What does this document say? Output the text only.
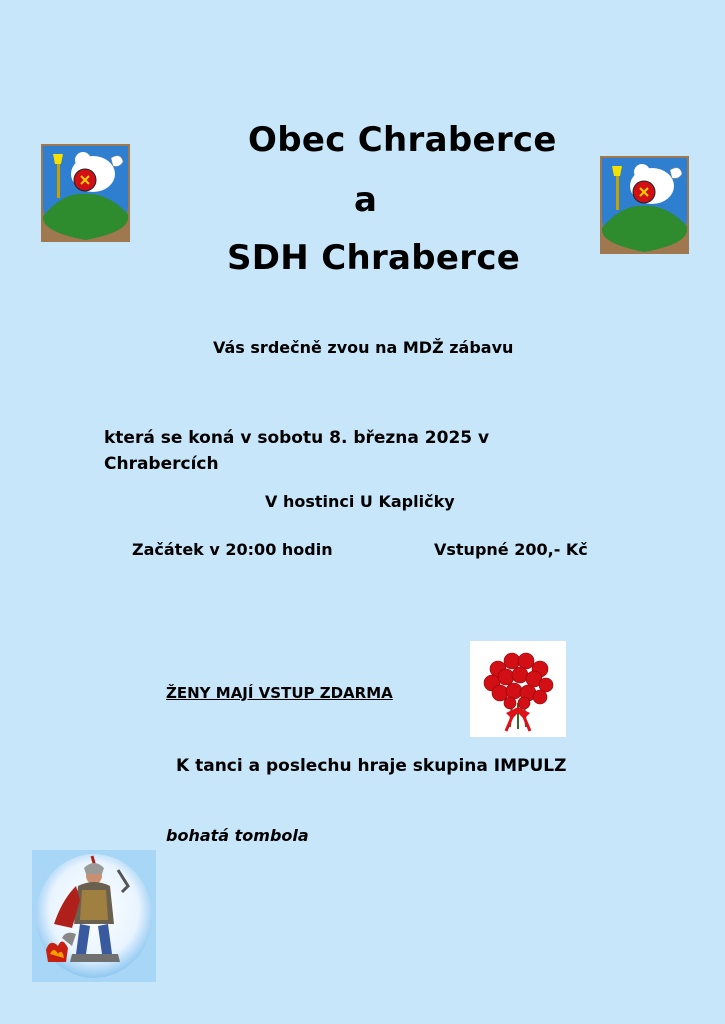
Obec Chraberce
a
SDH Chraberce
Vás srdečně zvou na MDŽ zábavu
která se koná v sobotu 8. března 2025 v
Chrabercích
V hostinci U Kapličky
Začátek v 20:00 hodin	Vstupné 200,- Kč
ŽENY MAJÍ VSTUP ZDARMA
K tanci a poslechu hraje skupina IMPULZ
bohatá tombola
